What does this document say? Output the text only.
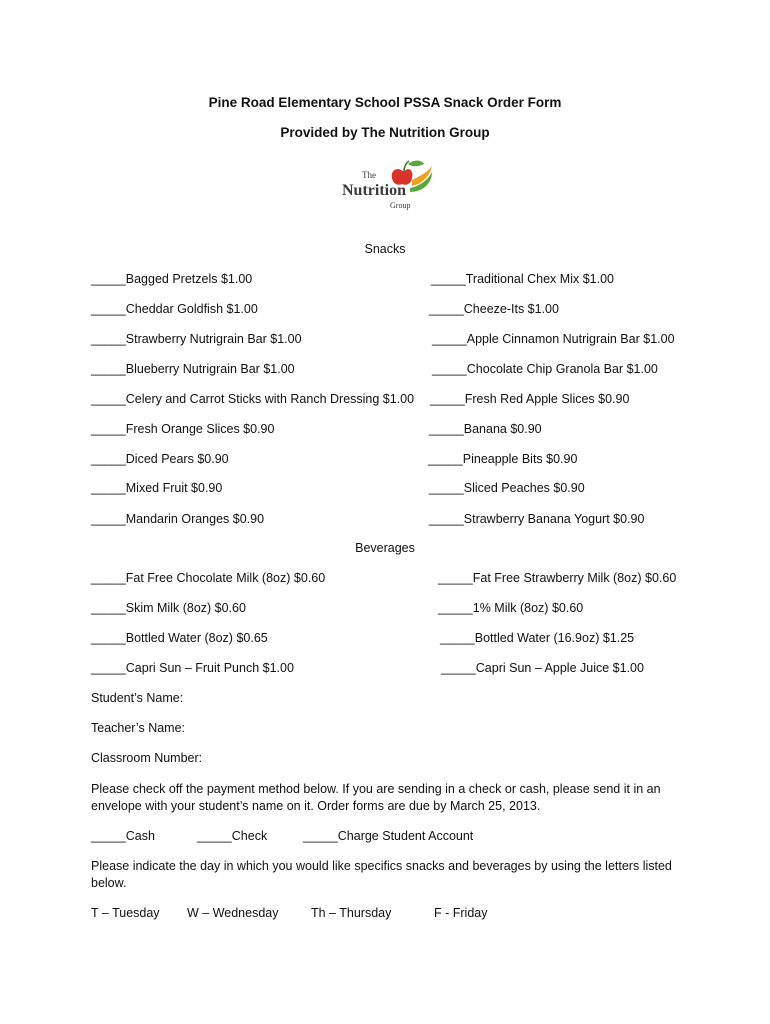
Pine Road Elementary School PSSA Snack Order Form
Provided by The Nutrition Group
The
Nutrition
Group
Snacks
_____Bagged Pretzels $1.00	_____Traditional Chex Mix $1.00
_____Cheddar Goldfish $1.00	_____Cheeze-Its $1.00
_____Strawberry Nutrigrain Bar $1.00	_____Apple Cinnamon Nutrigrain Bar $1.00
_____Blueberry Nutrigrain Bar $1.00	_____Chocolate Chip Granola Bar $1.00
_____Celery and Carrot Sticks with Ranch Dressing $1.00 _____Fresh Red Apple Slices $0.90
_____Fresh Orange Slices $0.90	_____Banana $0.90
_____Diced Pears $0.90	_____Pineapple Bits $0.90
_____Mixed Fruit $0.90	_____Sliced Peaches $0.90
_____Mandarin Oranges $0.90	_____Strawberry Banana Yogurt $0.90
Beverages
_____Fat Free Chocolate Milk (8oz) $0.60	_____Fat Free Strawberry Milk (8oz) $0.60
_____Skim Milk (8oz) $0.60	_____1% Milk (8oz) $0.60
_____Bottled Water (8oz) $0.65	_____Bottled Water (16.9oz) $1.25
_____Capri Sun – Fruit Punch $1.00	_____Capri Sun – Apple Juice $1.00
Student’s Name:
Teacher’s Name:
Classroom Number:
Please check off the payment method below. If you are sending in a check or cash, please send it in an envelope with your student’s name on it. Order forms are due by March 25, 2013.
_____Cash	_____Check	_____Charge Student Account
Please indicate the day in which you would like specifics snacks and beverages by using the letters listed below.
T – Tuesday W – Wednesday	Th – Thursday	F - Friday
